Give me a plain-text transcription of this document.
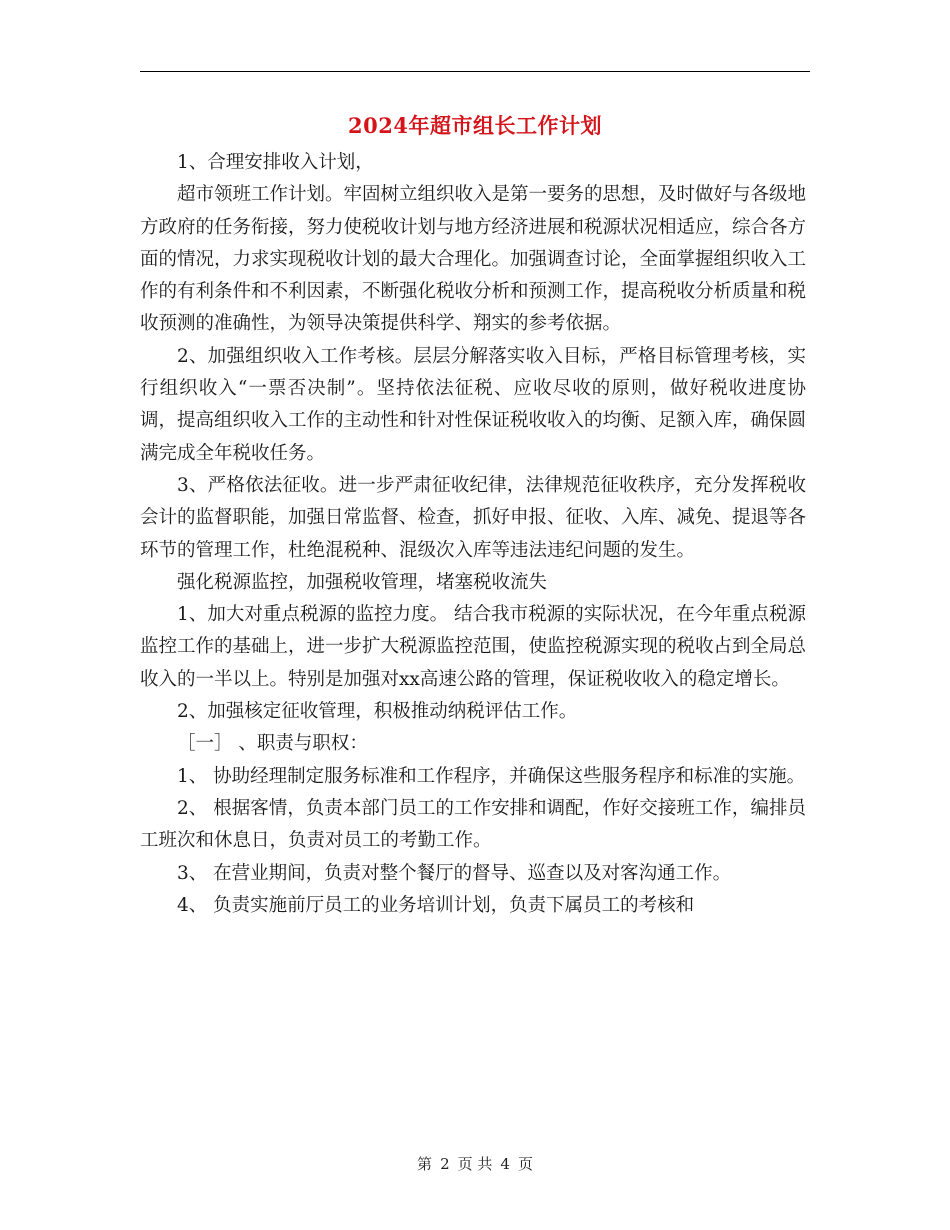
2024年超市组长工作计划

1、合理安排收入计划，

超市领班工作计划。牢固树立组织收入是第一要务的思想，及时做好与各级地方政府的任务衔接，努力使税收计划与地方经济进展和税源状况相适应，综合各方面的情况，力求实现税收计划的最大合理化。加强调查讨论，全面掌握组织收入工作的有利条件和不利因素，不断强化税收分析和预测工作，提高税收分析质量和税收预测的准确性，为领导决策提供科学、翔实的参考依据。

2、加强组织收入工作考核。层层分解落实收入目标，严格目标管理考核，实行组织收入“一票否决制”。坚持依法征税、应收尽收的原则，做好税收进度协调，提高组织收入工作的主动性和针对性保证税收收入的均衡、足额入库，确保圆满完成全年税收任务。

3、严格依法征收。进一步严肃征收纪律，法律规范征收秩序，充分发挥税收会计的监督职能，加强日常监督、检查，抓好申报、征收、入库、减免、提退等各环节的管理工作，杜绝混税种、混级次入库等违法违纪问题的发生。

强化税源监控，加强税收管理，堵塞税收流失

1、加大对重点税源的监控力度。 结合我市税源的实际状况，在今年重点税源监控工作的基础上，进一步扩大税源监控范围，使监控税源实现的税收占到全局总收入的一半以上。特别是加强对xx高速公路的管理，保证税收收入的稳定增长。

2、加强核定征收管理，积极推动纳税评估工作。

［一］ 、职责与职权：

1、 协助经理制定服务标准和工作程序，并确保这些服务程序和标准的实施。

2、 根据客情，负责本部门员工的工作安排和调配，作好交接班工作，编排员工班次和休息日，负责对员工的考勤工作。

3、 在营业期间，负责对整个餐厅的督导、巡查以及对客沟通工作。

4、 负责实施前厅员工的业务培训计划，负责下属员工的考核和

第 2 页 共 4 页
